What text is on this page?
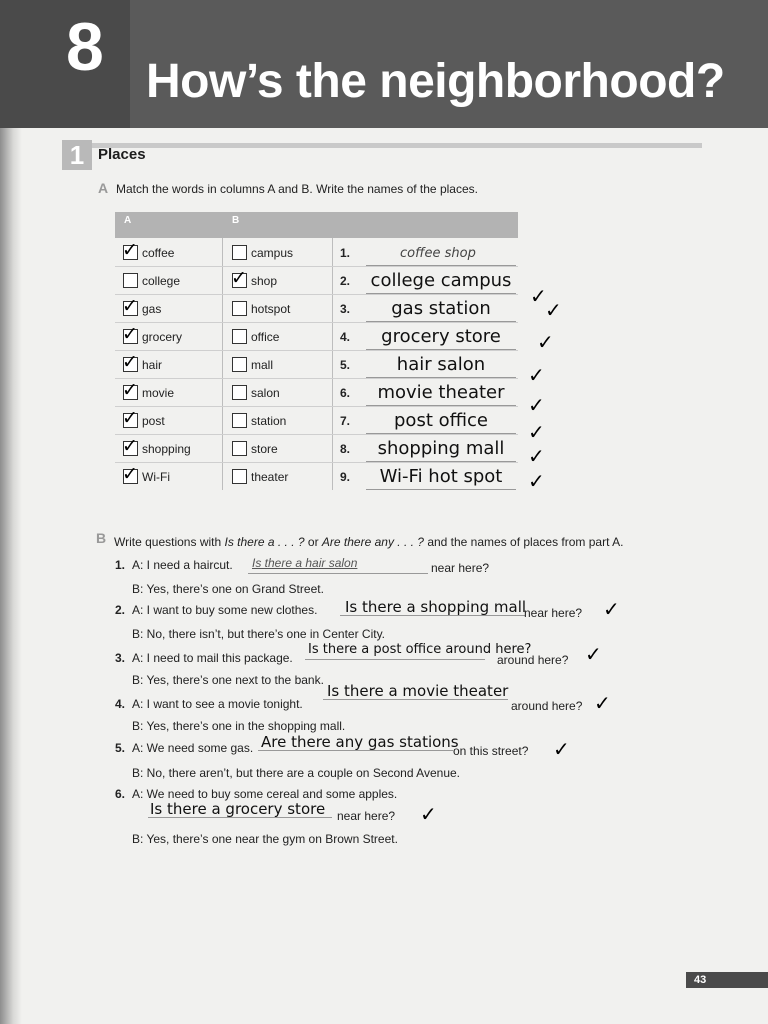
8 How’s the neighborhood?
1 Places
A Match the words in columns A and B. Write the names of the places.
A	B
✓ coffee	campus	1.	coffee shop
college	✓ shop	2. college campus
✓
✓ gas	hotspot	3.	gas station	✓
✓ grocery	office	4.	grocery store	✓
✓ hair	mall	5.	hair salon
✓
✓ movie	salon	6.	movie theater
✓
✓ post	station	7.	post office
✓
✓ shopping	store	8.	shopping mall	✓
✓ Wi-Fi	theater	9.	Wi-Fi hot spot	✓
B Write questions with Is there a . . . ? or Are there any . . . ? and the names of places from part A.
1. A: I need a haircut. Is there a hair salon	near here?
B: Yes, there’s one on Grand Street.
2. A: I want to buy some new clothes. Is there a shopping mall
near here? ✓
B: No, there isn’t, but there’s one in Center City.
3. A: I need to mail this package.
Is there a post office around here?
around here? ✓
B: Yes, there’s one next to the bank.
4. A: I want to see a movie tonight.
Is there a movie theater
around here? ✓
B: Yes, there’s one in the shopping mall.
5. A: We need some gas. Are there any gas stations
on this street? ✓
B: No, there aren’t, but there are a couple on Second Avenue.
6. A: We need to buy some cereal and some apples.
Is there a grocery store near here? ✓
B: Yes, there’s one near the gym on Brown Street.
43
